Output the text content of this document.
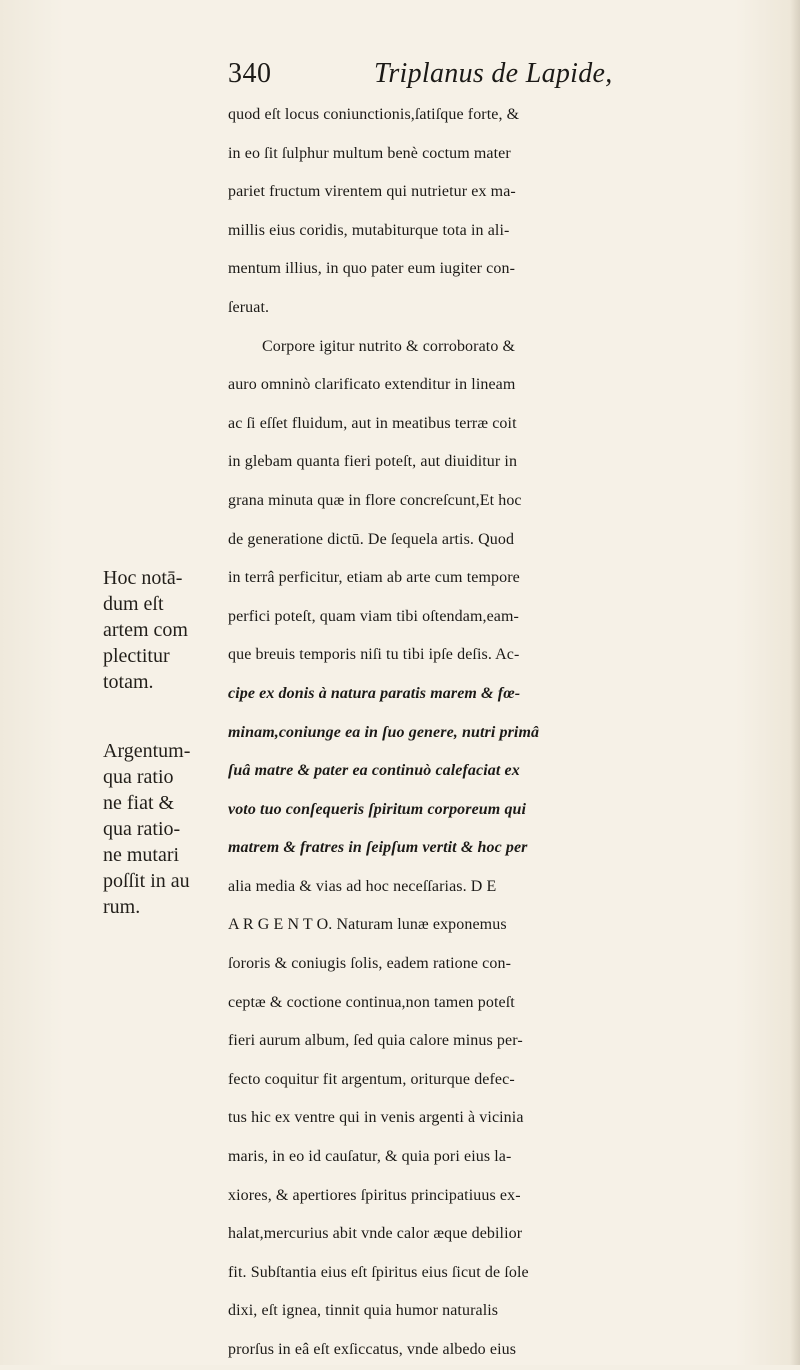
340	Triplanus de Lapide,
Hoc notā-
dum eſt
artem com
plectitur
totam.
Argentum-
qua ratio
ne fiat &
qua ratio-
ne mutari
poſſit in au
rum.
quod eſt locus coniunctionis,ſatiſque forte, &
in eo ſit ſulphur multum benè coctum mater
pariet fructum virentem qui nutrietur ex ma-
millis eius coridis, mutabiturque tota in ali-
mentum illius, in quo pater eum iugiter con-
ſeruat.
Corpore igitur nutrito & corroborato &
auro omninò clarificato extenditur in lineam
ac ſi eſſet fluidum, aut in meatibus terræ coit
in glebam quanta fieri poteſt, aut diuiditur in
grana minuta quæ in flore concreſcunt,Et hoc
de generatione dictū. De ſequela artis. Quod
in terrâ perficitur, etiam ab arte cum tempore
perfici poteſt, quam viam tibi oſtendam,eam-
que breuis temporis niſi tu tibi ipſe deſis. Ac-
cipe ex donis à natura paratis marem & fœ-
minam,coniunge ea in ſuo genere, nutri primâ
ſuâ matre & pater ea continuò calefaciat ex
voto tuo conſequeris ſpiritum corporeum qui
matrem & fratres in ſeipſum vertit & hoc per
alia media & vias ad hoc neceſſarias. D E
A R G E N T O. Naturam lunæ exponemus
ſororis & coniugis ſolis, eadem ratione con-
ceptæ & coctione continua,non tamen poteſt
fieri aurum album, ſed quia calore minus per-
fecto coquitur fit argentum, oriturque defec-
tus hic ex ventre qui in venis argenti à vicinia
maris, in eo id cauſatur, & quia pori eius la-
xiores, & apertiores ſpiritus principatiuus ex-
halat,mercurius abit vnde calor æque debilior
fit. Subſtantia eius eſt ſpiritus eius ſicut de ſole
dixi, eſt ignea, tinnit quia humor naturalis
prorſus in eâ eſt exſiccatus, vnde albedo eius
